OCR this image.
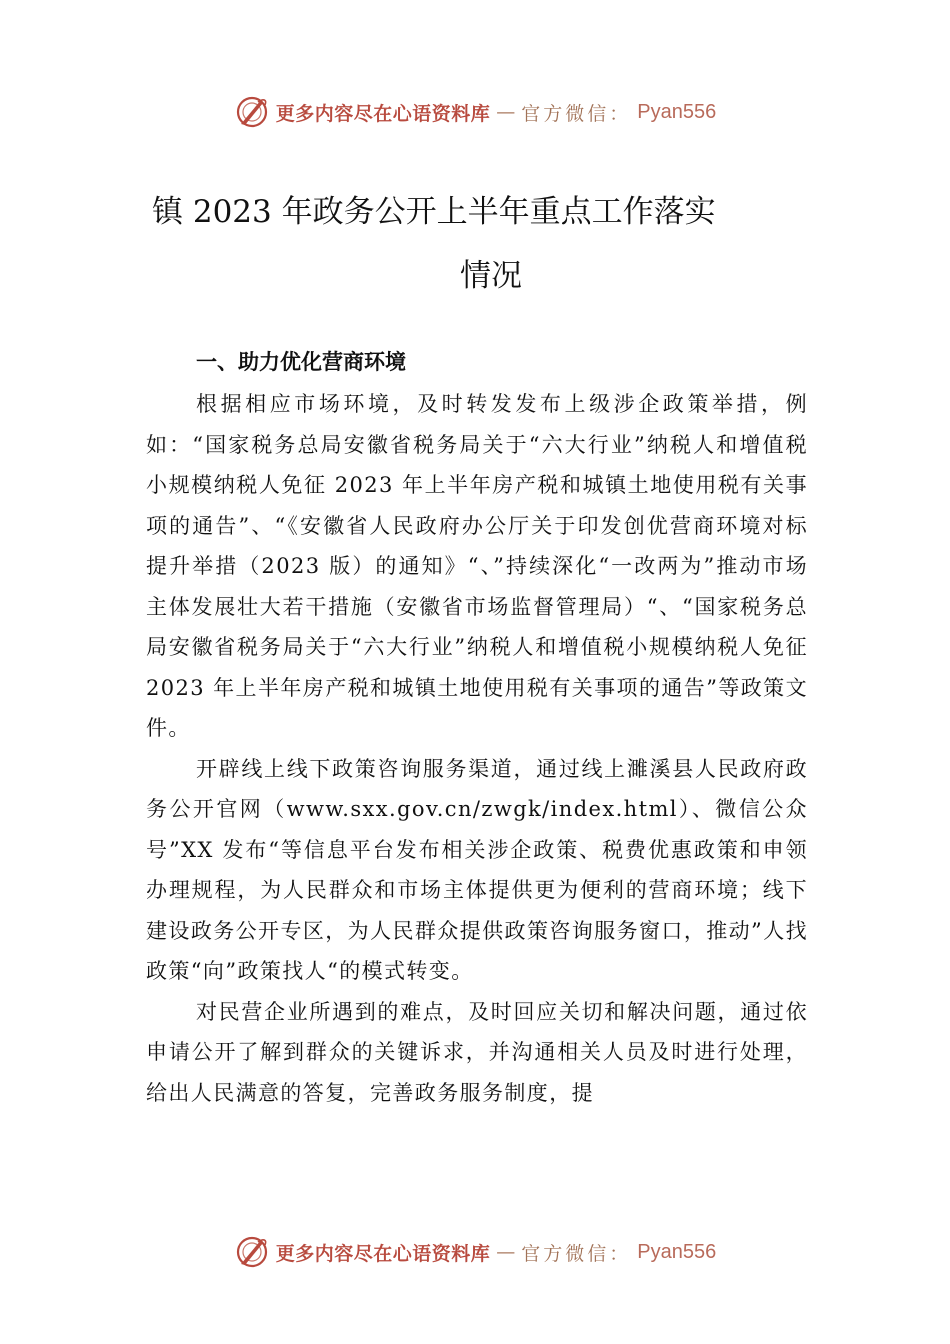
更多内容尽在心语资料库 — 官方微信： Pyan556
镇 2023 年政务公开上半年重点工作落实
情况
一、助力优化营商环境

根据相应市场环境，及时转发发布上级涉企政策举措，例如：“国家税务总局安徽省税务局关于“六大行业”纳税人和增值税小规模纳税人免征 2023 年上半年房产税和城镇土地使用税有关事项的通告”、“《安徽省人民政府办公厅关于印发创优营商环境对标提升举措（2023 版）的通知》“、”持续深化“一改两为”推动市场主体发展壮大若干措施（安徽省市场监督管理局）“、“国家税务总局安徽省税务局关于“六大行业”纳税人和增值税小规模纳税人免征 2023 年上半年房产税和城镇土地使用税有关事项的通告”等政策文件。

开辟线上线下政策咨询服务渠道，通过线上濉溪县人民政府政务公开官网（www.sxx.gov.cn/zwgk/index.html）、微信公众号”XX 发布“等信息平台发布相关涉企政策、税费优惠政策和申领办理规程，为人民群众和市场主体提供更为便利的营商环境；线下建设政务公开专区，为人民群众提供政策咨询服务窗口，推动”人找政策“向”政策找人“的模式转变。

对民营企业所遇到的难点，及时回应关切和解决问题，通过依申请公开了解到群众的关键诉求，并沟通相关人员及时进行处理，给出人民满意的答复，完善政务服务制度，提

更多内容尽在心语资料库 — 官方微信： Pyan556
